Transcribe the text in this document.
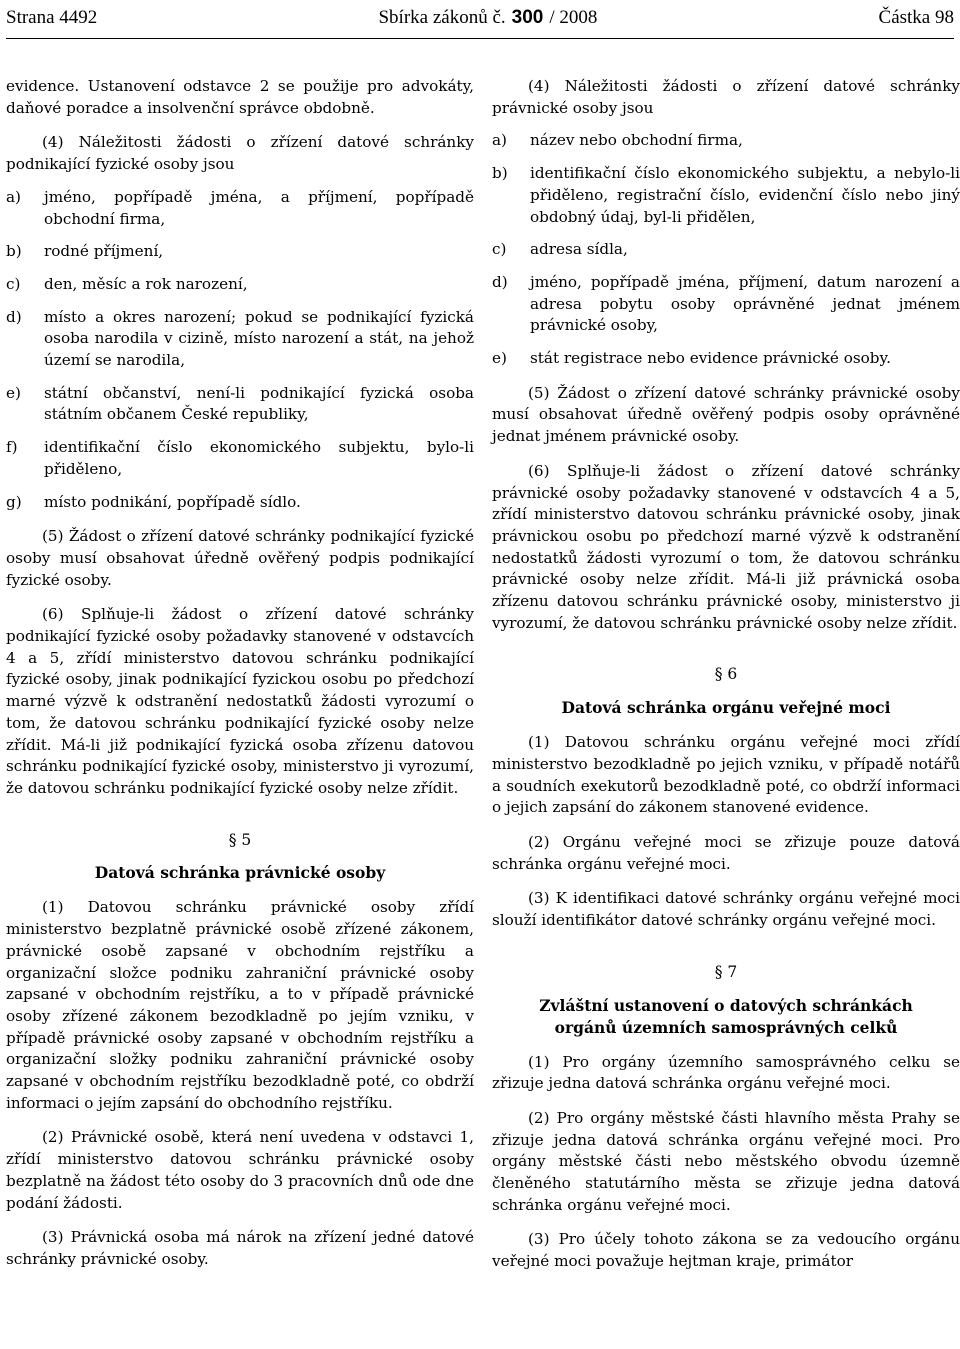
Strana 4492	Sbírka zákonů č. 300 / 2008	Částka 98

evidence. Ustanovení odstavce 2 se použije pro advokáty, daňové poradce a insolvenční správce obdobně.

(4) Náležitosti žádosti o zřízení datové schránky podnikající fyzické osoby jsou

a)	jméno, popřípadě jména, a příjmení, popřípadě obchodní firma,
b)	rodné příjmení,
c)	den, měsíc a rok narození,
d)	místo a okres narození; pokud se podnikající fyzická osoba narodila v cizině, místo narození a stát, na jehož území se narodila,
e)	státní občanství, není-li podnikající fyzická osoba státním občanem České republiky,
f)	identifikační číslo ekonomického subjektu, bylo-li přiděleno,
g)	místo podnikání, popřípadě sídlo.

(5) Žádost o zřízení datové schránky podnikající fyzické osoby musí obsahovat úředně ověřený podpis podnikající fyzické osoby.

(6) Splňuje-li žádost o zřízení datové schránky podnikající fyzické osoby požadavky stanovené v odstavcích 4 a 5, zřídí ministerstvo datovou schránku podnikající fyzické osoby, jinak podnikající fyzickou osobu po předchozí marné výzvě k odstranění nedostatků žádosti vyrozumí o tom, že datovou schránku podnikající fyzické osoby nelze zřídit. Má-li již podnikající fyzická osoba zřízenu datovou schránku podnikající fyzické osoby, ministerstvo ji vyrozumí, že datovou schránku podnikající fyzické osoby nelze zřídit.

§ 5

Datová schránka právnické osoby

(1) Datovou schránku právnické osoby zřídí ministerstvo bezplatně právnické osobě zřízené zákonem, právnické osobě zapsané v obchodním rejstříku a organizační složce podniku zahraniční právnické osoby zapsané v obchodním rejstříku, a to v případě právnické osoby zřízené zákonem bezodkladně po jejím vzniku, v případě právnické osoby zapsané v obchodním rejstříku a organizační složky podniku zahraniční právnické osoby zapsané v obchodním rejstříku bezodkladně poté, co obdrží informaci o jejím zapsání do obchodního rejstříku.

(2) Právnické osobě, která není uvedena v odstavci 1, zřídí ministerstvo datovou schránku právnické osoby bezplatně na žádost této osoby do 3 pracovních dnů ode dne podání žádosti.

(3) Právnická osoba má nárok na zřízení jedné datové schránky právnické osoby.

(4) Náležitosti žádosti o zřízení datové schránky právnické osoby jsou

a)	název nebo obchodní firma,
b)	identifikační číslo ekonomického subjektu, a nebylo-li přiděleno, registrační číslo, evidenční číslo nebo jiný obdobný údaj, byl-li přidělen,
c)	adresa sídla,
d)	jméno, popřípadě jména, příjmení, datum narození a adresa pobytu osoby oprávněné jednat jménem právnické osoby,
e)	stát registrace nebo evidence právnické osoby.

(5) Žádost o zřízení datové schránky právnické osoby musí obsahovat úředně ověřený podpis osoby oprávněné jednat jménem právnické osoby.

(6) Splňuje-li žádost o zřízení datové schránky právnické osoby požadavky stanovené v odstavcích 4 a 5, zřídí ministerstvo datovou schránku právnické osoby, jinak právnickou osobu po předchozí marné výzvě k odstranění nedostatků žádosti vyrozumí o tom, že datovou schránku právnické osoby nelze zřídit. Má-li již právnická osoba zřízenu datovou schránku právnické osoby, ministerstvo ji vyrozumí, že datovou schránku právnické osoby nelze zřídit.

§ 6

Datová schránka orgánu veřejné moci

(1) Datovou schránku orgánu veřejné moci zřídí ministerstvo bezodkladně po jejich vzniku, v případě notářů a soudních exekutorů bezodkladně poté, co obdrží informaci o jejich zapsání do zákonem stanovené evidence.

(2) Orgánu veřejné moci se zřizuje pouze datová schránka orgánu veřejné moci.

(3) K identifikaci datové schránky orgánu veřejné moci slouží identifikátor datové schránky orgánu veřejné moci.

§ 7

Zvláštní ustanovení o datových schránkách
orgánů územních samosprávných celků

(1) Pro orgány územního samosprávného celku se zřizuje jedna datová schránka orgánu veřejné moci.

(2) Pro orgány městské části hlavního města Prahy se zřizuje jedna datová schránka orgánu veřejné moci. Pro orgány městské části nebo městského obvodu územně členěného statutárního města se zřizuje jedna datová schránka orgánu veřejné moci.

(3) Pro účely tohoto zákona se za vedoucího orgánu veřejné moci považuje hejtman kraje, primátor
